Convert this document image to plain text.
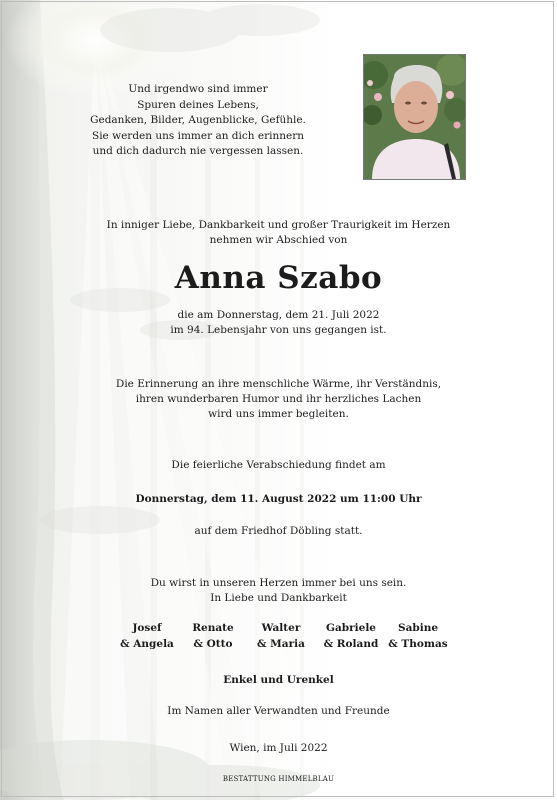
Und irgendwo sind immer
Spuren deines Lebens,
Gedanken, Bilder, Augenblicke, Gefühle.
Sie werden uns immer an dich erinnern
und dich dadurch nie vergessen lassen.
In inniger Liebe, Dankbarkeit und großer Traurigkeit im Herzen
nehmen wir Abschied von
Anna Szabo
die am Donnerstag, dem 21. Juli 2022
im 94. Lebensjahr von uns gegangen ist.
Die Erinnerung an ihre menschliche Wärme, ihr Verständnis,
ihren wunderbaren Humor und ihr herzliches Lachen
wird uns immer begleiten.
Die feierliche Verabschiedung findet am
Donnerstag, dem 11. August 2022 um 11:00 Uhr
auf dem Friedhof Döbling statt.
Du wirst in unseren Herzen immer bei uns sein.
In Liebe und Dankbarkeit
Josef
& Angela
Renate
& Otto
Walter
& Maria
Gabriele
& Roland
Sabine
& Thomas
Enkel und Urenkel
Im Namen aller Verwandten und Freunde
Wien, im Juli 2022
BESTATTUNG HIMMELBLAU
